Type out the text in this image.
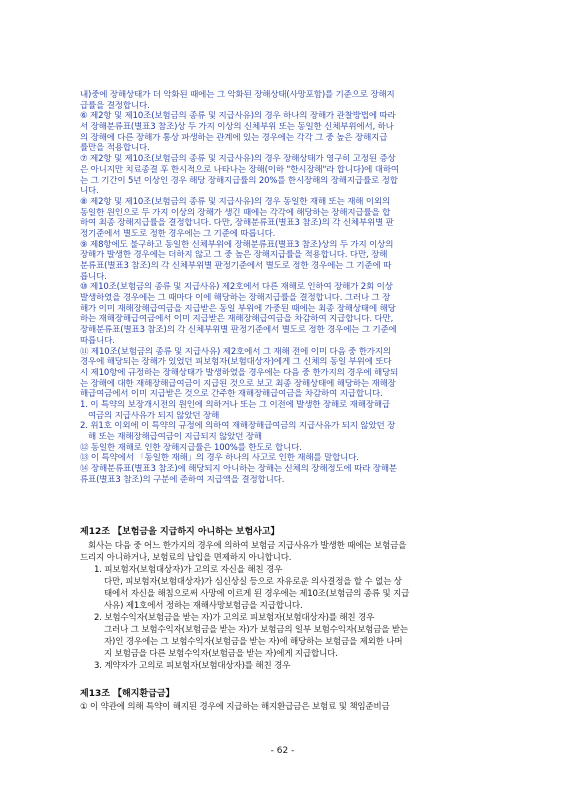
내)중에 장해상태가 더 악화된 때에는 그 악화된 장해상태(사망포함)를 기준으로 장해지
급률을 결정합니다.
⑥ 제2항 및 제10조(보험금의 종류 및 지급사유)의 경우 하나의 장해가 관찰방법에 따라
서 장해분류표(별표3 참조)상 두 가지 이상의 신체부위 또는 동일한 신체부위에서, 하나
의 장해에 다른 장해가 통상 파생하는 관계에 있는 경우에는 각각 그 중 높은 장해지급
률만을 적용합니다.
⑦ 제2항 및 제10조(보험금의 종류 및 지급사유)의 경우 장해상태가 영구히 고정된 증상
은 아니지만 치료종결 후 한시적으로 나타나는 장해(이하 "한시장해"라 합니다)에 대하여
는 그 기간이 5년 이상인 경우 해당 장해지급률의 20%를 한시장해의 장해지급률로 정합
니다.
⑧ 제2항 및 제10조(보험금의 종류 및 지급사유)의 경우 동일한 재해 또는 재해 이외의
동일한 원인으로 두 가지 이상의 장해가 생긴 때에는 각각에 해당하는 장해지급률을 합
하여 최종 장해지급률을 결정합니다. 다만, 장해분류표(별표3 참조)의 각 신체부위별 판
정기준에서 별도로 정한 경우에는 그 기준에 따릅니다.
⑨ 제8항에도 불구하고 동일한 신체부위에 장해분류표(별표3 참조)상의 두 가지 이상의
장해가 발생한 경우에는 더하지 않고 그 중 높은 장해지급률을 적용합니다. 다만, 장해
분류표(별표3 참조)의 각 신체부위별 판정기준에서 별도로 정한 경우에는 그 기준에 따
릅니다.
⑩ 제10조(보험금의 종류 및 지급사유) 제2호에서 다른 재해로 인하여 장해가 2회 이상
발생하였을 경우에는 그 때마다 이에 해당하는 장해지급률을 결정합니다. 그러나 그 장
해가 이미 재해장해급여금을 지급받은 동일 부위에 가중된 때에는 최종 장해상태에 해당
하는 재해장해급여금에서 이미 지급받은 재해장해급여금을 차감하여 지급합니다. 다만,
장해분류표(별표3 참조)의 각 신체부위별 판정기준에서 별도로 정한 경우에는 그 기준에
따릅니다.
⑪ 제10조(보험금의 종류 및 지급사유) 제2호에서 그 재해 전에 이미 다음 중 한가지의
경우에 해당되는 장해가 있었던 피보험자(보험대상자)에게 그 신체의 동일 부위에 또다
시 제10항에 규정하는 장해상태가 발생하였을 경우에는 다음 중 한가지의 경우에 해당되
는 장해에 대한 재해장해급여금이 지급된 것으로 보고 최종 장해상태에 해당하는 재해장
해급여금에서 이미 지급받은 것으로 간주한 재해장해급여금을 차감하여 지급합니다.
1. 이 특약의 보장개시전의 원인에 의하거나 또는 그 이전에 발생한 장해로 재해장해급
여금의 지급사유가 되지 않았던 장해
2. 위1호 이외에 이 특약의 규정에 의하여 재해장해급여금의 지급사유가 되지 않았던 장
해 또는 재해장해급여금이 지급되지 않았던 장해
⑫ 동일한 재해로 인한 장해지급률은 100%를 한도로 합니다.
⑬ 이 특약에서 「동일한 재해」의 경우 하나의 사고로 인한 재해를 말합니다.
⑭ 장해분류표(별표3 참조)에 해당되지 아니하는 장해는 신체의 장해정도에 따라 장해분
류표(별표3 참조)의 구분에 준하여 지급액을 결정합니다.
제12조 【보험금을 지급하지 아니하는 보험사고】
회사는 다음 중 어느 한가지의 경우에 의하여 보험금 지급사유가 발생한 때에는 보험금을
드리지 아니하거나, 보험료의 납입을 면제하지 아니합니다.
1. 피보험자(보험대상자)가 고의로 자신을 해친 경우
다만, 피보험자(보험대상자)가 심신상실 등으로 자유로운 의사결정을 할 수 없는 상
태에서 자신을 해침으로써 사망에 이르게 된 경우에는 제10조(보험금의 종류 및 지급
사유) 제1호에서 정하는 재해사망보험금을 지급합니다.
2. 보험수익자(보험금을 받는 자)가 고의로 피보험자(보험대상자)를 해친 경우
그러나 그 보험수익자(보험금을 받는 자)가 보험금의 일부 보험수익자(보험금을 받는
자)인 경우에는 그 보험수익자(보험금을 받는 자)에 해당하는 보험금을 제외한 나머
지 보험금을 다른 보험수익자(보험금을 받는 자)에게 지급합니다.
3. 계약자가 고의로 피보험자(보험대상자)를 해친 경우
제13조 【해지환급금】
① 이 약관에 의해 특약이 해지된 경우에 지급하는 해지환급금은 보험료 및 책임준비금
- 62 -
